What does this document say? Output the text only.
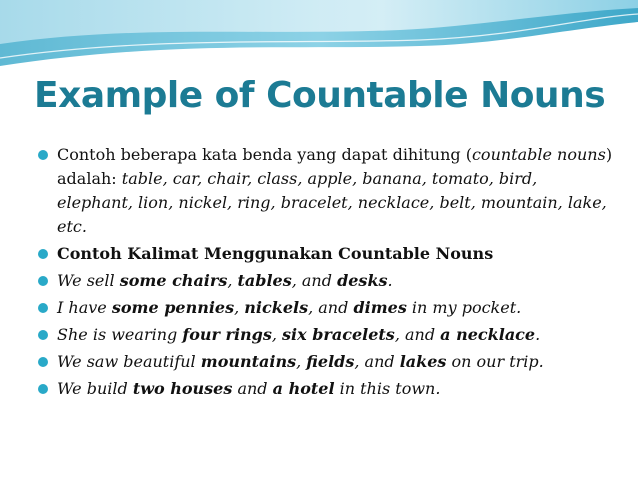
Example of Countable Nouns
Contoh beberapa kata benda yang dapat dihitung (countable nouns) adalah: table, car, chair, class, apple, banana, tomato, bird, elephant, lion, nickel, ring, bracelet, necklace, belt, mountain, lake, etc.
Contoh Kalimat Menggunakan Countable Nouns
We sell some chairs, tables, and desks.
I have some pennies, nickels, and dimes in my pocket.
She is wearing four rings, six bracelets, and a necklace.
We saw beautiful mountains, fields, and lakes on our trip.
We build two houses and a hotel in this town.
